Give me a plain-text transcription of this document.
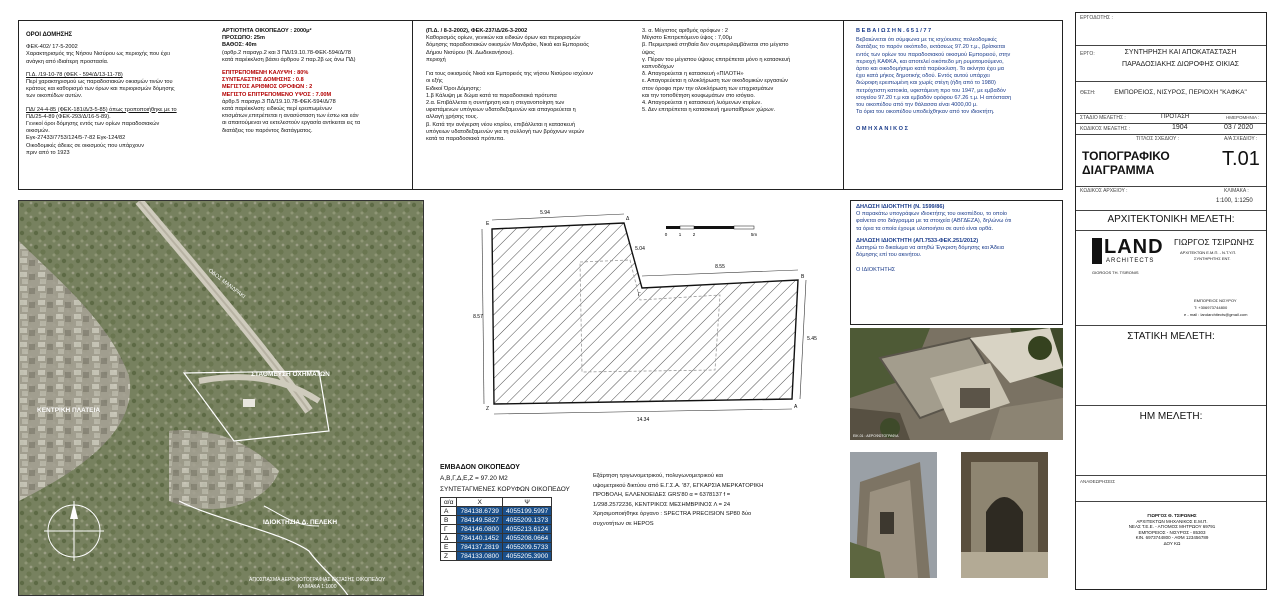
ΟΡΟΙ ΔΟΜΗΣΗΣ
ΦΕΚ-402/ 17-5-2002
Χαρακτηρισμός της Νήσου Νισύρου ως περιοχής που έχει
ανάγκη από ιδιαίτερη προστασία.
Π.Δ. /19-10-78 (ΦΕΚ - 594/Δ/13-11-78)
Περί χαρακτηρισμού ως παραδοσιακών οικισμών τινών του
κράτους και καθορισμό των όρων και περιορισμών δόμησης
των οικοπέδων αυτών.
ΠΔ/ 24-4-85 (ΦΕΚ-181/Δ/3-5-85) όπως τροποποιήθηκε με το
ΠΔ/25-4-89 (ΦΕΚ-293/Δ/16-5-89).
Γενικοί όροι δόμησης εντός των ορίων παραδοσιακών
οικισμών.
Εγκ-27433/7753/124/5-7-82 Εγκ-124/82
Οικοδομικές άδειες σε οικισμούς που υπάρχουν
πριν από το 1923
ΑΡΤΙΟΤΗΤΑ ΟΙΚΟΠΕΔΟΥ : 2000μ²
ΠΡΟΣΩΠΟ: 25m
ΒΑΘΟΣ: 40m
(αρθρ.2 παραγρ.2 και 3 ΠΔ/19.10.78-ΦΕΚ-594/Δ/78
κατά παρέκκλιση βάσει άρθρου 2 παρ.2β ως άνω ΠΔ)
ΕΠΙΤΡΕΠΟΜΕΝΗ ΚΑΛΥΨΗ : 80%
ΣΥΝΤΕΛΕΣΤΗΣ ΔΟΜΗΣΗΣ : 0.8
ΜΕΓΙΣΤΟΣ ΑΡΙΘΜΟΣ ΟΡΟΦΩΝ : 2
ΜΕΓΙΣΤΟ ΕΠΙΤΡΕΠΟΜΕΝΟ ΥΨΟΣ : 7.00Μ
άρθρ.5 παραγρ.3 ΠΔ/19.10.78-ΦΕΚ-594/Δ/78
κατά παρέκκλιση: ειδικώς περί ερειπωμένων
κτισμάτων,επιτρέπεται η ανασύσταση των έστω και εάν
αι απαιτούμεναι να εκτελεστούν εργασία αντίκειται εις τα
διατάξεις του παρόντος διατάγματος.
(Π.Δ. / 8-3-2002), ΦΕΚ-237/Δ/26-3-2002
Καθορισμός ορίων, γενικών και ειδικών όρων και περιορισμών
δόμησης παραδοσιακών οικισμών Μανδράκι, Νικιά και Εμπορειός
Δήμου Νισύρου (Ν. Δωδεκανήσου).
περιοχή

Για τους οικισμούς Νικιά και Εμπορειός της νήσου Νισύρου ισχύουν
οι εξής
Ειδικοί Όροι Δόμησης:
1.β Κάλυψη με δώμα κατά τα παραδοσιακά πρότυπα
2.α. Επιβάλλεται η συντήρηση και η στεγανοποίηση των
υφιστάμενων υπόγειων υδατοδεξαμενών και απαγορεύεται η
αλλαγή χρήσης τους.
β. Κατά την ανέγερση νέου κτιρίου, επιβάλλεται η κατασκευή
υπόγειων υδατοδεξαμενών για τη συλλογή των βρόχινων νερών
κατά τα παραδοσιακά πρότυπα.
3. α. Μέγιστος αριθμός ορόφων : 2
Μέγιστο Επιτρεπόμενο ύψος : 7,00μ
β. Περιμετρικά στηθαία δεν συμπεριλαμβάνεται στο μέγιστο
ύψος
γ. Πέραν του μέγιστου ύψους επιτρέπεται μόνο η κατασκευή
καπνοδόχων
δ. Απαγορεύεται η κατασκευή «ΠΙΛΟΤΗ»
ε. Απαγορεύεται η ολοκλήρωση των οικοδομικών εργασιών
στον όροφο πριν την ολοκλήρωση των επιχρισμάτων
και την τοποθέτηση κουφωμάτων στο ισόγειο.
4. Απαγορεύεται η κατασκευή λυόμενων κτιρίων.
5. Δεν επιτρέπεται η κατασκευή ημιυπαίθριων χώρων.
Β Ε Β Α Ι Ω Σ Η Ν . 6 5 1 / 7 7
Βεβαιώνεται ότι σύμφωνα με τις ισχύουσες πολεοδομικές
διατάξεις το παρόν οικόπεδο, εκτάσεως 97.20 τ.μ., βρίσκεται
εντός των ορίων του παραδοσιακού οικισμού Εμπορειού, στην
περιοχή ΚΑΦΚΑ, και αποτελεί οικόπεδο μη ρυμοτομούμενο,
άρτιο και οικοδομήσιμο κατά παρέκκλιση. Το ακίνητο έχει μα
έχει κατά μήκος δημοτικής οδού. Εντός αυτού υπάρχει
διώροφη ερειπωμένη και χωρίς στέγη (ήδη από το 1980)
πετρόχτιστη κατοικία, υφιστάμενη προ του 1947, με εμβαδόν
ισογείου 97.20 τ.μ και εμβαδόν ορόφου 67.26 τ.μ. Η απόσταση
του οικοπέδου από την θάλασσα είναι 4000,00 μ.
Τα όρια του οικοπέδου υποδείχθηκαν από τον ιδιοκτήτη.
Ο Μ Η Χ Α Ν Ι Κ Ο Σ
ΟΔΟΣ ΜΑΝΔΡΑΚΙ
ΣΤΑΘΜΕΥΣΗ ΟΧΗΜΑΤΩΝ
ΚΕΝΤΡΙΚΗ ΠΛΑΤΕΙΑ
ΙΔΙΟΚΤΗΣΙΑ Δ. ΠΕΛΕΚΗ
ΑΠΟΣΠΑΣΜΑ ΑΕΡΟΦΩΤΟΓΡΑΦΙΑΣ ΕΚΤΑΣΗΣ ΟΙΚΟΠΕΔΟΥ
ΚΛΙΜΑΚΑ 1:1000
5.94
8.55
8.57
5.45
14.34
5.04
0	1	2	5m
Ε
Δ
Γ
Β
Α
Ζ
ΕΜΒΑΔΟΝ ΟΙΚΟΠΕΔΟΥ
Α,Β,Γ,Δ,Ε,Ζ = 97.20 Μ2
ΣΥΝΤΕΤΑΓΜΕΝΕΣ ΚΟΡΥΦΩΝ ΟΙΚΟΠΕΔΟΥ
α/α	Χ	Ψ
Α	784138.6739	4055199.5997
Β	784149.5827	4055209.1373
Γ	784146.0800	4055213.6124
Δ	784140.1452	4055208.0664
Ε	784137.2819	4055209.5733
Ζ	784133.0800	4055205.3900
Εξάρτηση τριγωνομετρικού, πολυγωνομετρικού και
υψομετρικού δικτύου από Ε.Γ.Σ.Α. '87, ΕΓΚΑΡΣΙΑ ΜΕΡΚΑΤΟΡΙΚΗ
ΠΡΟΒΟΛΗ, ΕΛΛΕΝΟΕΙΔΕΣ GRS'80 α = 6378137 f =
1/298.2572236, ΚΕΝΤΡΙΚΟΣ ΜΕΣΗΜΒΡΙΝΟΣ Λ = 24
Χρησιμοποιήθηκε όργανο : SPECTRA PRECISION SP80 δύο
συχνοτήτων σε HEPOS
ΔΗΛΩΣΗ ΙΔΙΟΚΤΗΤΗ (Ν. 1599/86)
Ο παρακάτω υπογράφων ιδιοκτήτης του οικοπέδου, το οποίο
φαίνεται στο διάγραμμα με τα στοιχεία (ΑΒΓΔΕΖΑ), δηλώνω ότι
τα όρια τα οποία έχουμε υλοποιήσει σε αυτό είναι ορθά.
ΔΗΛΩΣΗ ΙΔΙΟΚΤΗΤΗ (ΑΠ.7533-ΦΕΚ.251/2012)
Διατηρώ το δικαίωμα να αιτηθώ Έγκριση δόμησης και Άδεια
δόμησης επί του ακινήτου.
Ο ΙΔΙΟΚΤΗΤΗΣ
ΕΙΚ.01 : ΑΕΡΟΦΩΤΟΓΡΑΦΙΑ
ΕΡΓΟΔΟΤΗΣ :
ΕΡΓΟ:	ΣΥΝΤΗΡΗΣΗ ΚΑΙ ΑΠΟΚΑΤΑΣΤΑΣΗ
ΠΑΡΑΔΟΣΙΑΚΗΣ ΔΙΩΡΟΦΗΣ ΟΙΚΙΑΣ
ΘΕΣΗ:	ΕΜΠΟΡΕΙΟΣ, ΝΙΣΥΡΟΣ, ΠΕΡΙΟΧΗ "ΚΑΦΚΑ"
ΣΤΑΔΙΟ ΜΕΛΕΤΗΣ :	ΠΡΟΤΑΣΗ	ΗΜΕΡΟΜΗΝΙΑ :
ΚΩΔΙΚΟΣ ΜΕΛΕΤΗΣ :	1904	03 / 2020
ΤΙΤΛΟΣ ΣΧΕΔΙΟΥ :	Α/Α ΣΧΕΔΙΟΥ :
ΤΟΠΟΓΡΑΦΙΚΟ
ΔΙΑΓΡΑΜΜΑ	Τ.01
ΚΩΔΙΚΟΣ ΑΡΧΕΙΟΥ :	ΚΛΙΜΑΚΑ :
1:100, 1:1250
ΑΡΧΙΤΕΚΤΟΝΙΚΗ ΜΕΛΕΤΗ:
LAND
ARCHITECTS
GIORGOS TH. TSIRONIS
ΓΙΩΡΓΟΣ ΤΣΙΡΩΝΗΣ
ΑΡΧΙΤΕΚΤΩΝ Ε.Μ.Π. - Ν.Τ.Υ.Π.
ΣΥΝΤΗΡΗΤΗΣ ΕΝΤ.
ΕΜΠΟΡΕΙΟΣ ΝΙΣΥΡΟΥ
Τ: +306973744800
e - mail : landarchitects@gmail.com
ΣΤΑΤΙΚΗ ΜΕΛΕΤΗ:
ΗΜ ΜΕΛΕΤΗ:
ΑΝΑΘΕΩΡΗΣΕΙΣ
ΓΙΩΡΓΟΣ Θ. ΤΣΙΡΩΝΗΣ
ΑΡΧΙΤΕΚΤΩΝ ΜΗΧΑΝΙΚΟΣ Ε.Μ.Π.
ΝΕΑΣ Τ.Ε.Ε. - ΑΓΙΟΜΟΣ ΜΗΤΡΩΟΥ 69791
ΕΜΠΟΡΕΙΟΣ - ΝΙΣΥΡΟΣ - 85303
ΚΙΝ. 6973744800 - ΑΦΜ 123456789
ΔΟΥ ΚΩ
